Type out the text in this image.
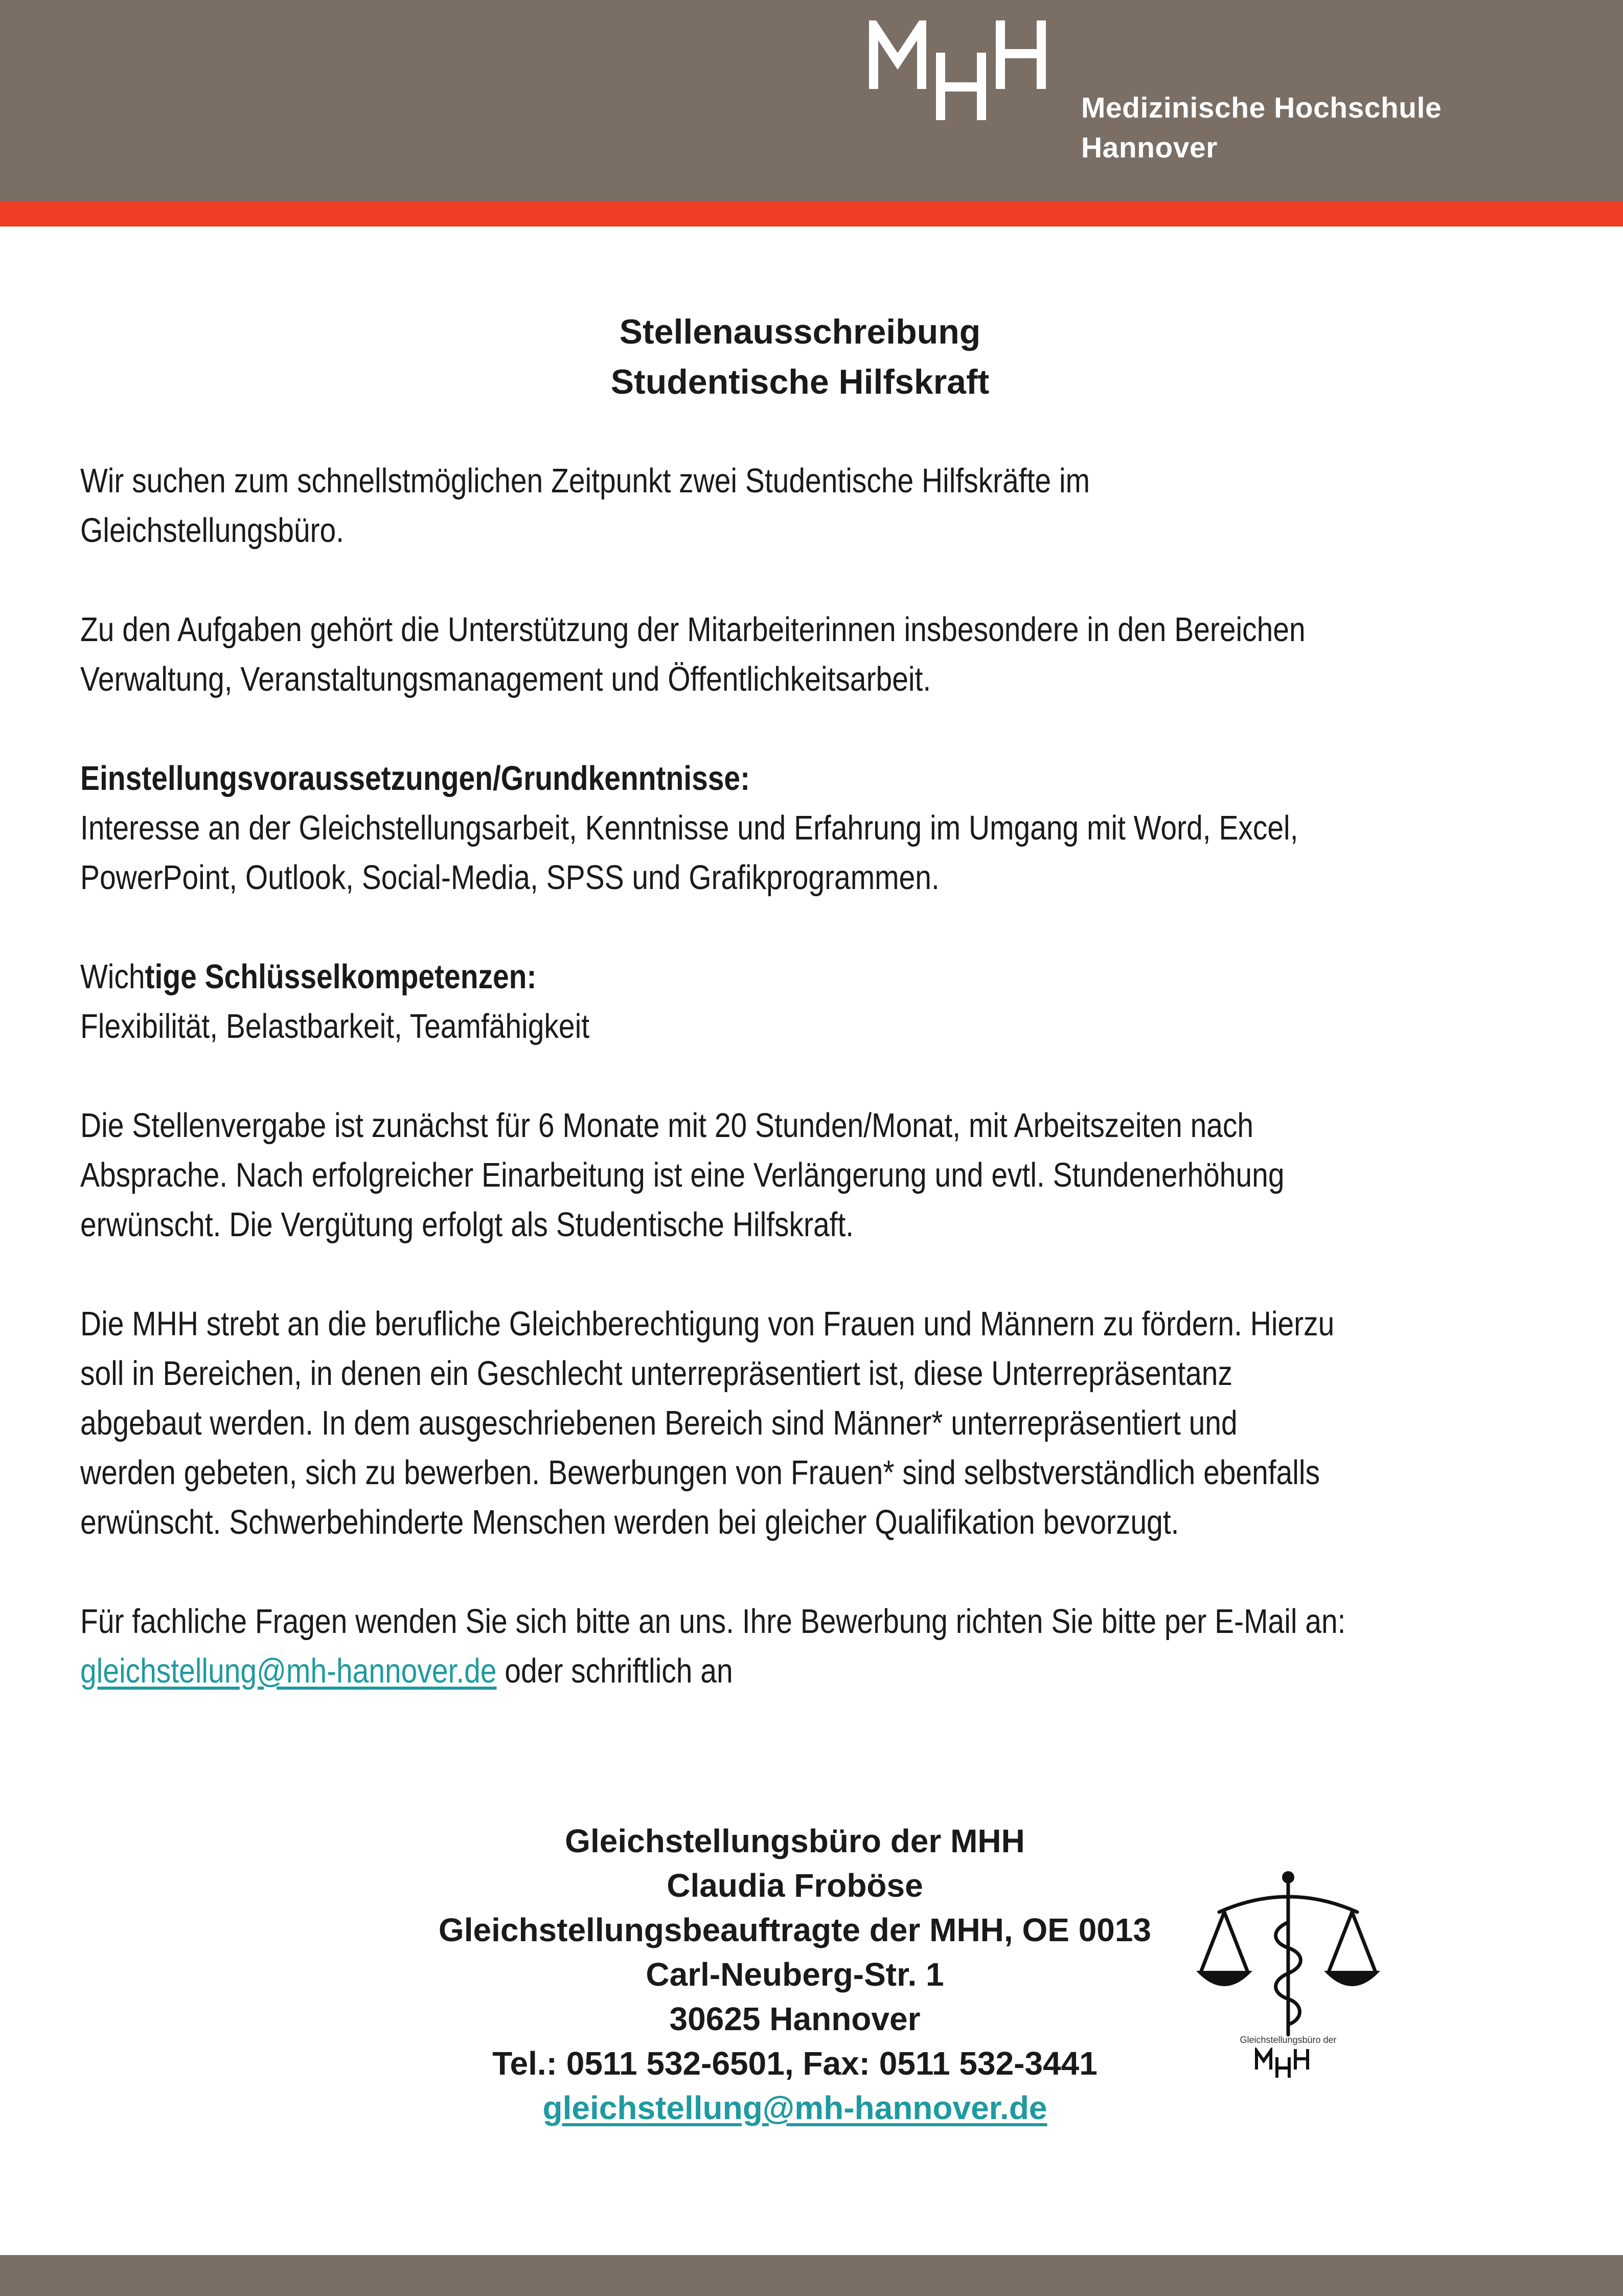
Medizinische Hochschule
Hannover
Stellenausschreibung
Studentische Hilfskraft

Wir suchen zum schnellstmöglichen Zeitpunkt zwei Studentische Hilfskräfte im
Gleichstellungsbüro.

Zu den Aufgaben gehört die Unterstützung der Mitarbeiterinnen insbesondere in den Bereichen
Verwaltung, Veranstaltungsmanagement und Öffentlichkeitsarbeit.

Einstellungsvoraussetzungen/Grundkenntnisse:
Interesse an der Gleichstellungsarbeit, Kenntnisse und Erfahrung im Umgang mit Word, Excel,
PowerPoint, Outlook, Social-Media, SPSS und Grafikprogrammen.

Wichtige Schlüsselkompetenzen:
Flexibilität, Belastbarkeit, Teamfähigkeit

Die Stellenvergabe ist zunächst für 6 Monate mit 20 Stunden/Monat, mit Arbeitszeiten nach
Absprache. Nach erfolgreicher Einarbeitung ist eine Verlängerung und evtl. Stundenerhöhung
erwünscht. Die Vergütung erfolgt als Studentische Hilfskraft.

Die MHH strebt an die berufliche Gleichberechtigung von Frauen und Männern zu fördern. Hierzu
soll in Bereichen, in denen ein Geschlecht unterrepräsentiert ist, diese Unterrepräsentanz
abgebaut werden. In dem ausgeschriebenen Bereich sind Männer* unterrepräsentiert und
werden gebeten, sich zu bewerben. Bewerbungen von Frauen* sind selbstverständlich ebenfalls
erwünscht. Schwerbehinderte Menschen werden bei gleicher Qualifikation bevorzugt.

Für fachliche Fragen wenden Sie sich bitte an uns. Ihre Bewerbung richten Sie bitte per E-Mail an:
gleichstellung@mh-hannover.de oder schriftlich an

Gleichstellungsbüro der MHH
Claudia Froböse
Gleichstellungsbeauftragte der MHH, OE 0013
Carl-Neuberg-Str. 1
30625 Hannover
Tel.: 0511 532-6501, Fax: 0511 532-3441
gleichstellung@mh-hannover.de
Gleichstellungsbüro der
